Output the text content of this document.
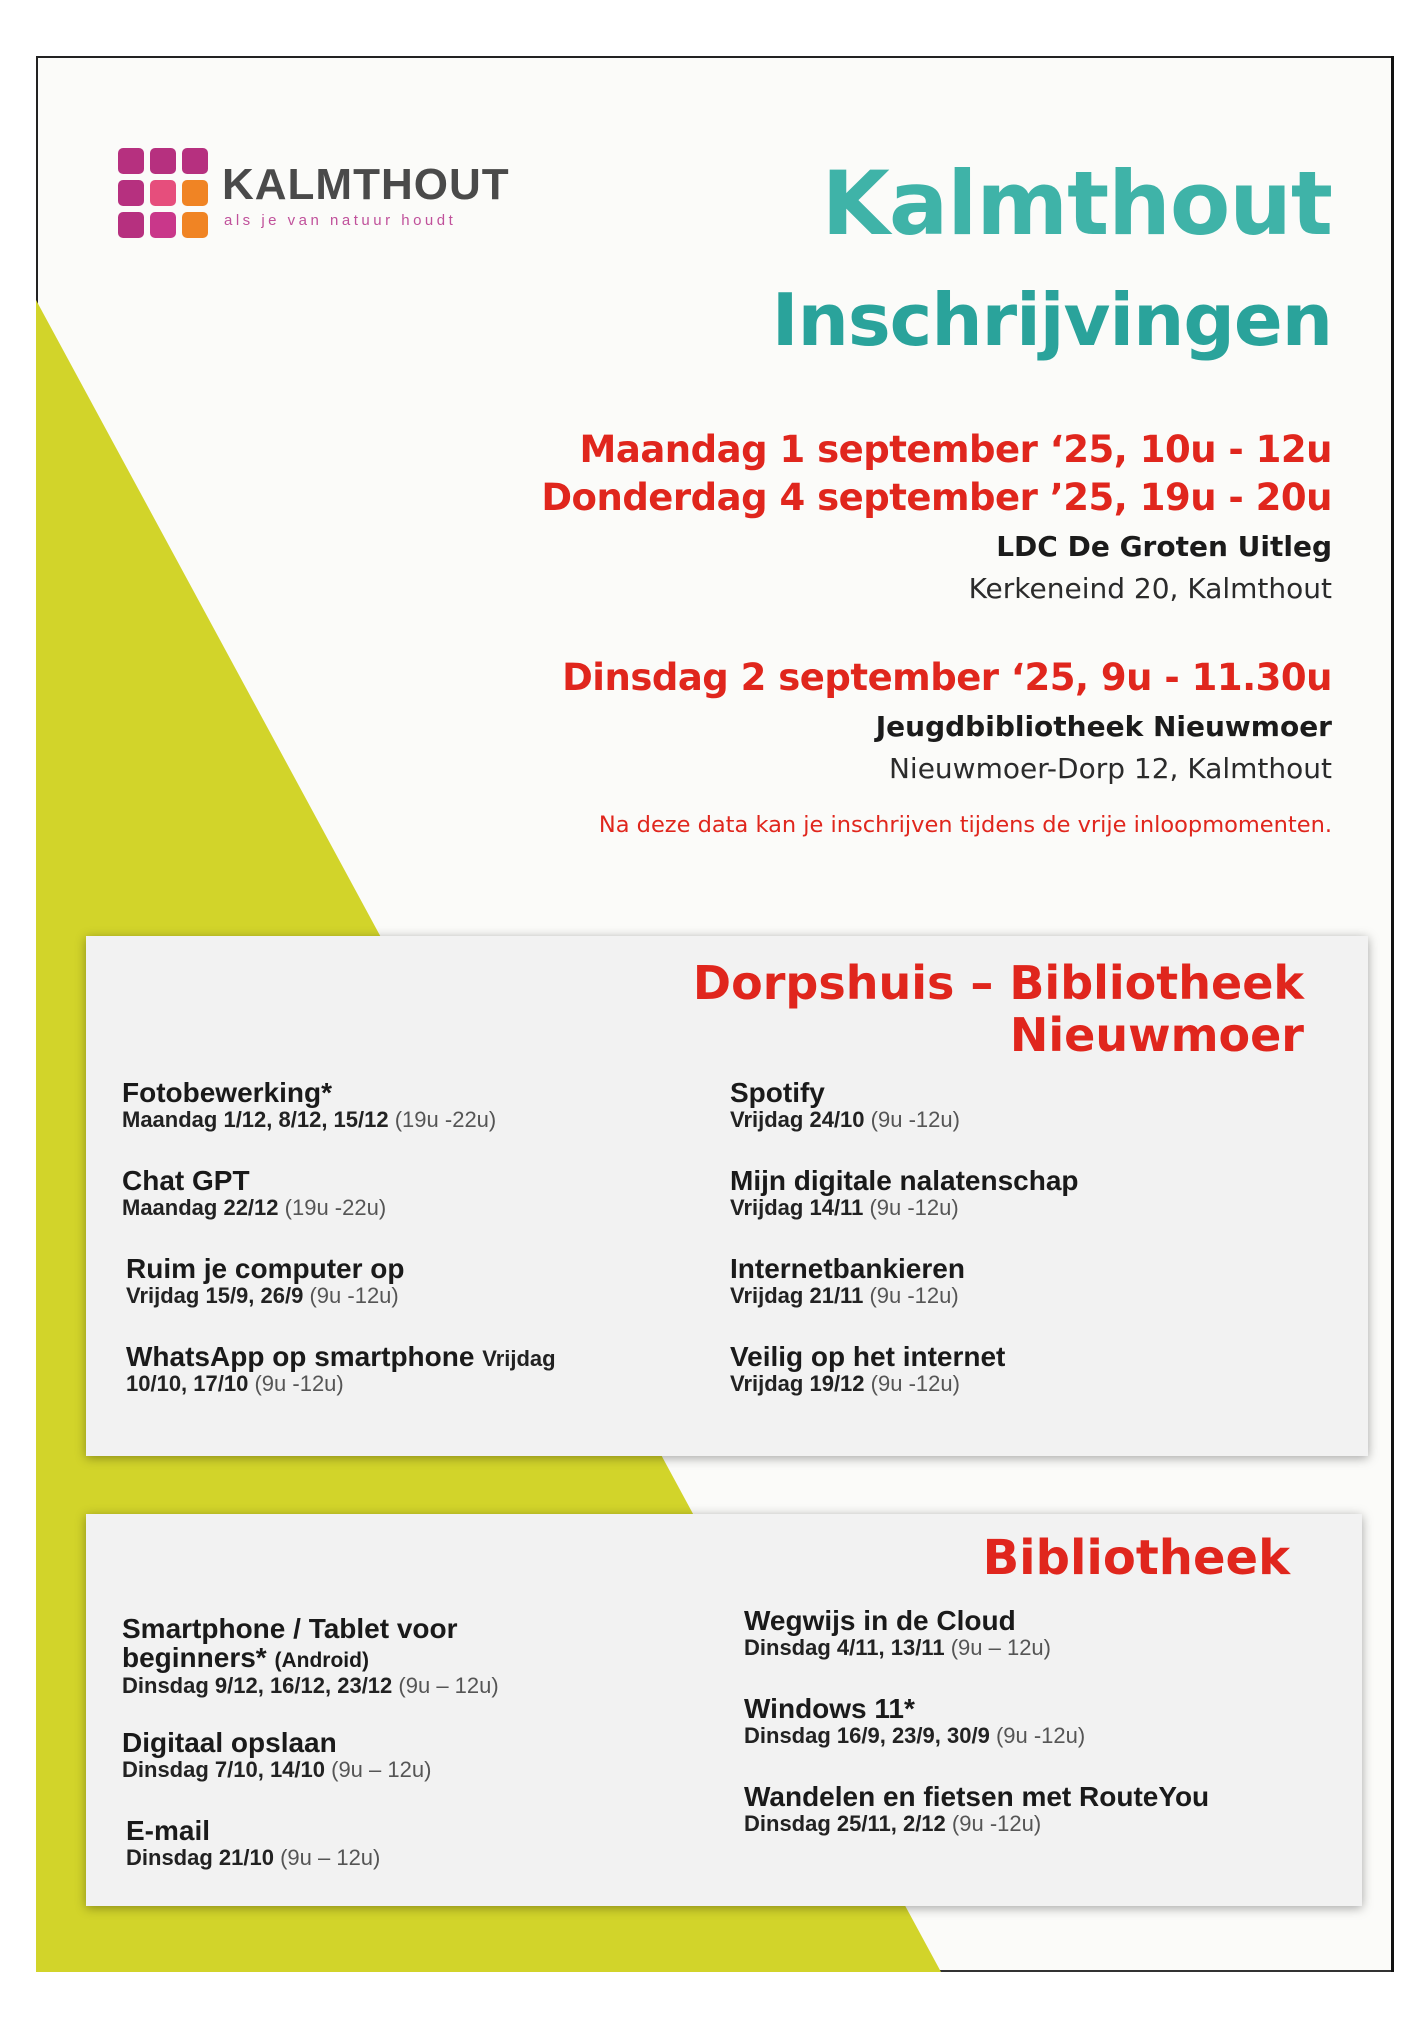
KALMTHOUT
als je van natuur houdt	Kalmthout
Inschrijvingen
Maandag 1 september ‘25, 10u - 12u
Donderdag 4 september ’25, 19u - 20u
LDC De Groten Uitleg
Kerkeneind 20, Kalmthout
Dinsdag 2 september ‘25, 9u - 11.30u
Jeugdbibliotheek Nieuwmoer
Nieuwmoer-Dorp 12, Kalmthout
Na deze data kan je inschrijven tijdens de vrije inloopmomenten.
Dorpshuis – Bibliotheek
Nieuwmoer
Fotobewerking*
Maandag 1/12, 8/12, 15/12 (19u -22u)
Chat GPT
Maandag 22/12 (19u -22u)
Ruim je computer op
Vrijdag 15/9, 26/9 (9u -12u)
WhatsApp op smartphone Vrijdag
10/10, 17/10 (9u -12u)
Spotify
Vrijdag 24/10 (9u -12u)
Mijn digitale nalatenschap
Vrijdag 14/11 (9u -12u)
Internetbankieren
Vrijdag 21/11 (9u -12u)
Veilig op het internet
Vrijdag 19/12 (9u -12u)
Bibliotheek
Smartphone / Tablet voor
beginners* (Android)
Dinsdag 9/12, 16/12, 23/12 (9u – 12u)
Digitaal opslaan
Dinsdag 7/10, 14/10 (9u – 12u)
E-mail
Dinsdag 21/10 (9u – 12u)
Wegwijs in de Cloud
Dinsdag 4/11, 13/11 (9u – 12u)
Windows 11*
Dinsdag 16/9, 23/9, 30/9 (9u -12u)
Wandelen en fietsen met RouteYou
Dinsdag 25/11, 2/12 (9u -12u)
